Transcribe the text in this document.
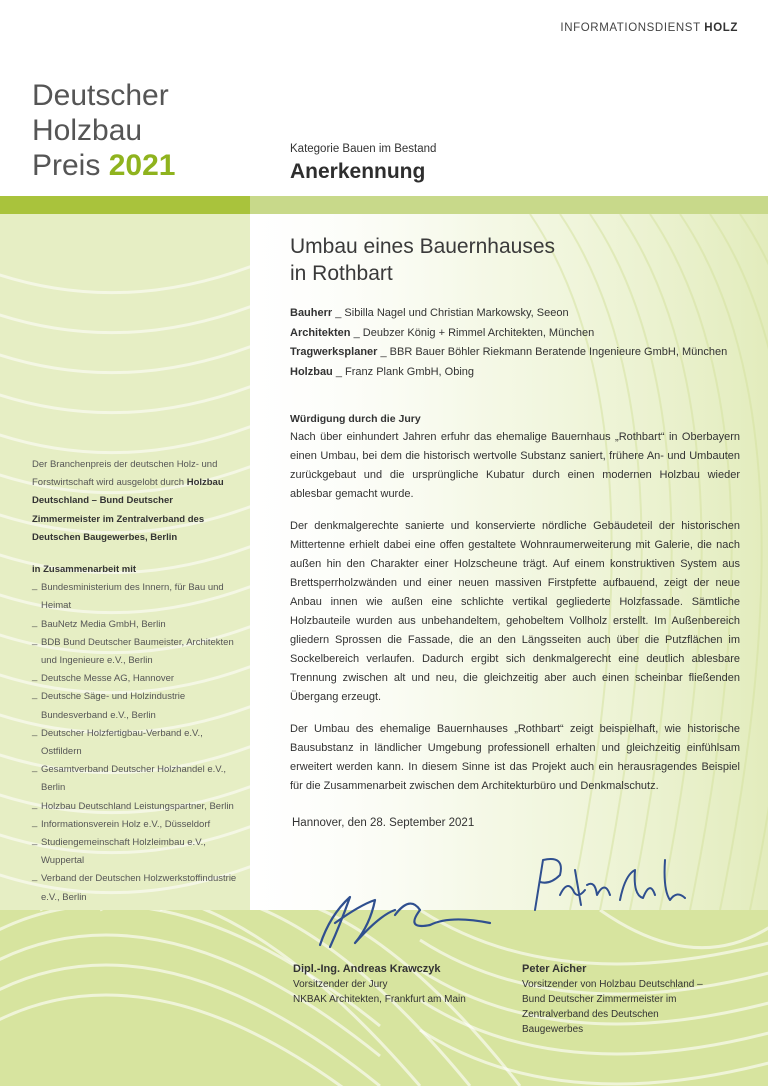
INFORMATIONSDIENST HOLZ
Deutscher
Holzbau
Preis 2021	Kategorie Bauen im Bestand
Anerkennung
Umbau eines Bauernhauses
in Rothbart
Bauherr _ Sibilla Nagel und Christian Markowsky, Seeon
Architekten _ Deubzer König + Rimmel Architekten, München
Tragwerksplaner _ BBR Bauer Böhler Riekmann Beratende Ingenieure GmbH, München
Holzbau _ Franz Plank GmbH, Obing
Würdigung durch die Jury

Nach über einhundert Jahren erfuhr das ehemalige Bauernhaus „Rothbart“ in Oberbayern einen Umbau, bei dem die historisch wertvolle Substanz saniert, frühere An- und Umbauten zurückgebaut und die ursprüngliche Kubatur durch einen modernen Holzbau wieder ablesbar gemacht wurde.

Der denkmalgerechte sanierte und konservierte nördliche Gebäudeteil der historischen Mittertenne erhielt dabei eine offen gestaltete Wohnraumerweiterung mit Galerie, die nach außen hin den Charakter einer Holzscheune trägt. Auf einem konstruktiven System aus Brettsperrholzwänden und einer neuen massiven Firstpfette aufbauend, zeigt der neue Anbau innen wie außen eine schlichte vertikal gegliederte Holzfassade. Sämtliche Holzbauteile wurden aus unbehandeltem, gehobeltem Vollholz erstellt. Im Außenbereich gliedern Sprossen die Fassade, die an den Längsseiten auch über die Putzflächen im Sockelbereich verlaufen. Dadurch ergibt sich denkmalgerecht eine deutlich ablesbare Trennung zwischen alt und neu, die gleichzeitig aber auch einen scheinbar fließenden Übergang erzeugt.

Der Umbau des ehemalige Bauernhauses „Rothbart“ zeigt beispielhaft, wie historische Bausubstanz in ländlicher Umgebung professionell erhalten und gleichzeitig einfühlsam erweitert werden kann. In diesem Sinne ist das Projekt auch ein herausragendes Beispiel für die Zusammenarbeit zwischen dem Architekturbüro und Denkmalschutz.

Hannover, den 28. September 2021
Der Branchenpreis der deutschen Holz- und Forstwirtschaft wird ausgelobt durch Holzbau Deutschland – Bund Deutscher Zimmermeister im Zentralverband des Deutschen Baugewerbes, Berlin
in Zusammenarbeit mit
_ Bundesministerium des Innern, für Bau und Heimat
_ BauNetz Media GmbH, Berlin
_ BDB Bund Deutscher Baumeister, Architekten und Ingenieure e.V., Berlin
_ Deutsche Messe AG, Hannover
_ Deutsche Säge- und Holzindustrie Bundesverband e.V., Berlin
_ Deutscher Holzfertigbau-Verband e.V., Ostfildern
_ Gesamtverband Deutscher Holzhandel e.V., Berlin
_ Holzbau Deutschland Leistungspartner, Berlin
_ Informationsverein Holz e.V., Düsseldorf
_ Studiengemeinschaft Holzleimbau e.V., Wuppertal
_ Verband der Deutschen Holzwerkstoffindustrie e.V., Berlin
Dipl.-Ing. Andreas Krawczyk
Vorsitzender der Jury
NKBAK Architekten, Frankfurt am Main
Peter Aicher
Vorsitzender von Holzbau Deutschland –
Bund Deutscher Zimmermeister im Zentralverband des Deutschen Baugewerbes
